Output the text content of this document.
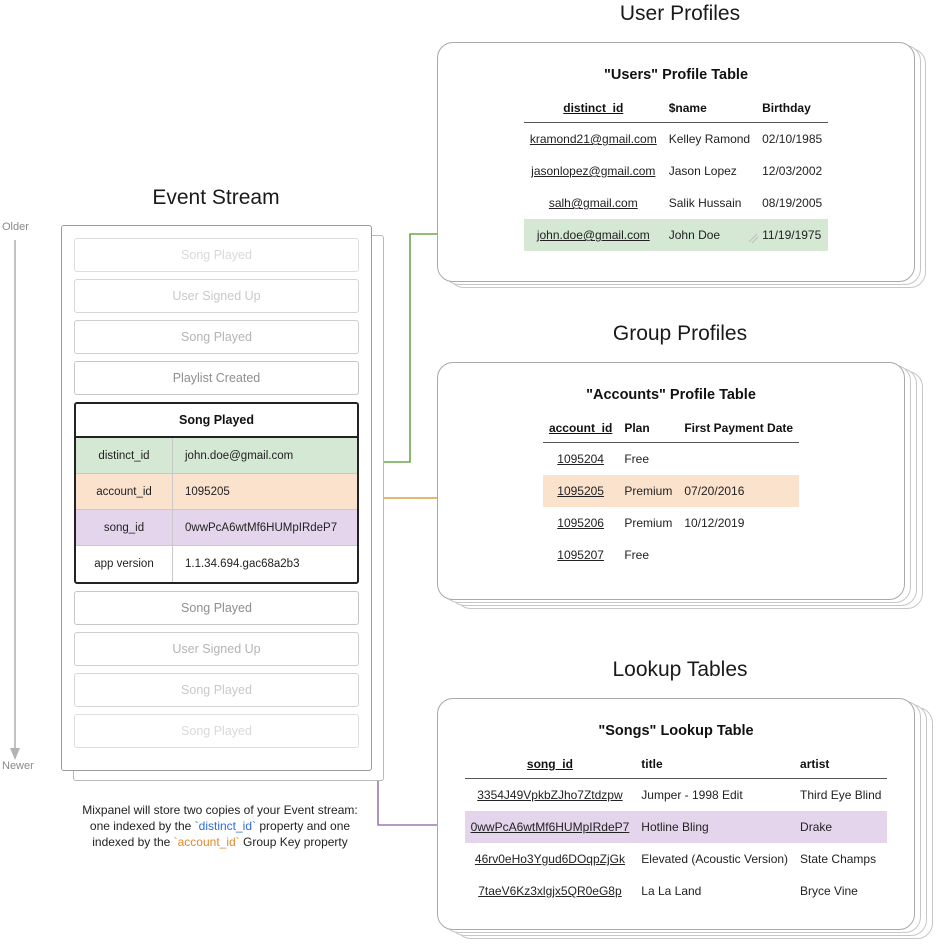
User Profiles
Group Profiles
Lookup Tables
Event Stream
Older
Newer
Song Played
User Signed Up
Song Played
Playlist Created
Song Played
distinct_id	john.doe@gmail.com
account_id	1095205
song_id	0wwPcA6wtMf6HUMpIRdeP7
app version	1.1.34.694.gac68a2b3
Song Played
User Signed Up
Song Played
Song Played
Mixpanel will store two copies of your Event stream:
one indexed by the `distinct_id` property and one
indexed by the `account_id` Group Key property
"Users" Profile Table
distinct_id	$name	Birthday
kramond21@gmail.com	Kelley Ramond	02/10/1985
jasonlopez@gmail.com	Jason Lopez	12/03/2002
salh@gmail.com	Salik Hussain	08/19/2005
john.doe@gmail.com	John Doe	11/19/1975
"Accounts" Profile Table
account_id	Plan	First Payment Date
1095204	Free	
1095205	Premium	07/20/2016
1095206	Premium	10/12/2019
1095207	Free	
"Songs" Lookup Table
song_id	title	artist
3354J49VpkbZJho7Ztdzpw	Jumper - 1998 Edit	Third Eye Blind
0wwPcA6wtMf6HUMpIRdeP7	Hotline Bling	Drake
46rv0eHo3Ygud6DOqpZjGk	Elevated (Acoustic Version)	State Champs
7taeV6Kz3xlgjx5QR0eG8p	La La Land	Bryce Vine
